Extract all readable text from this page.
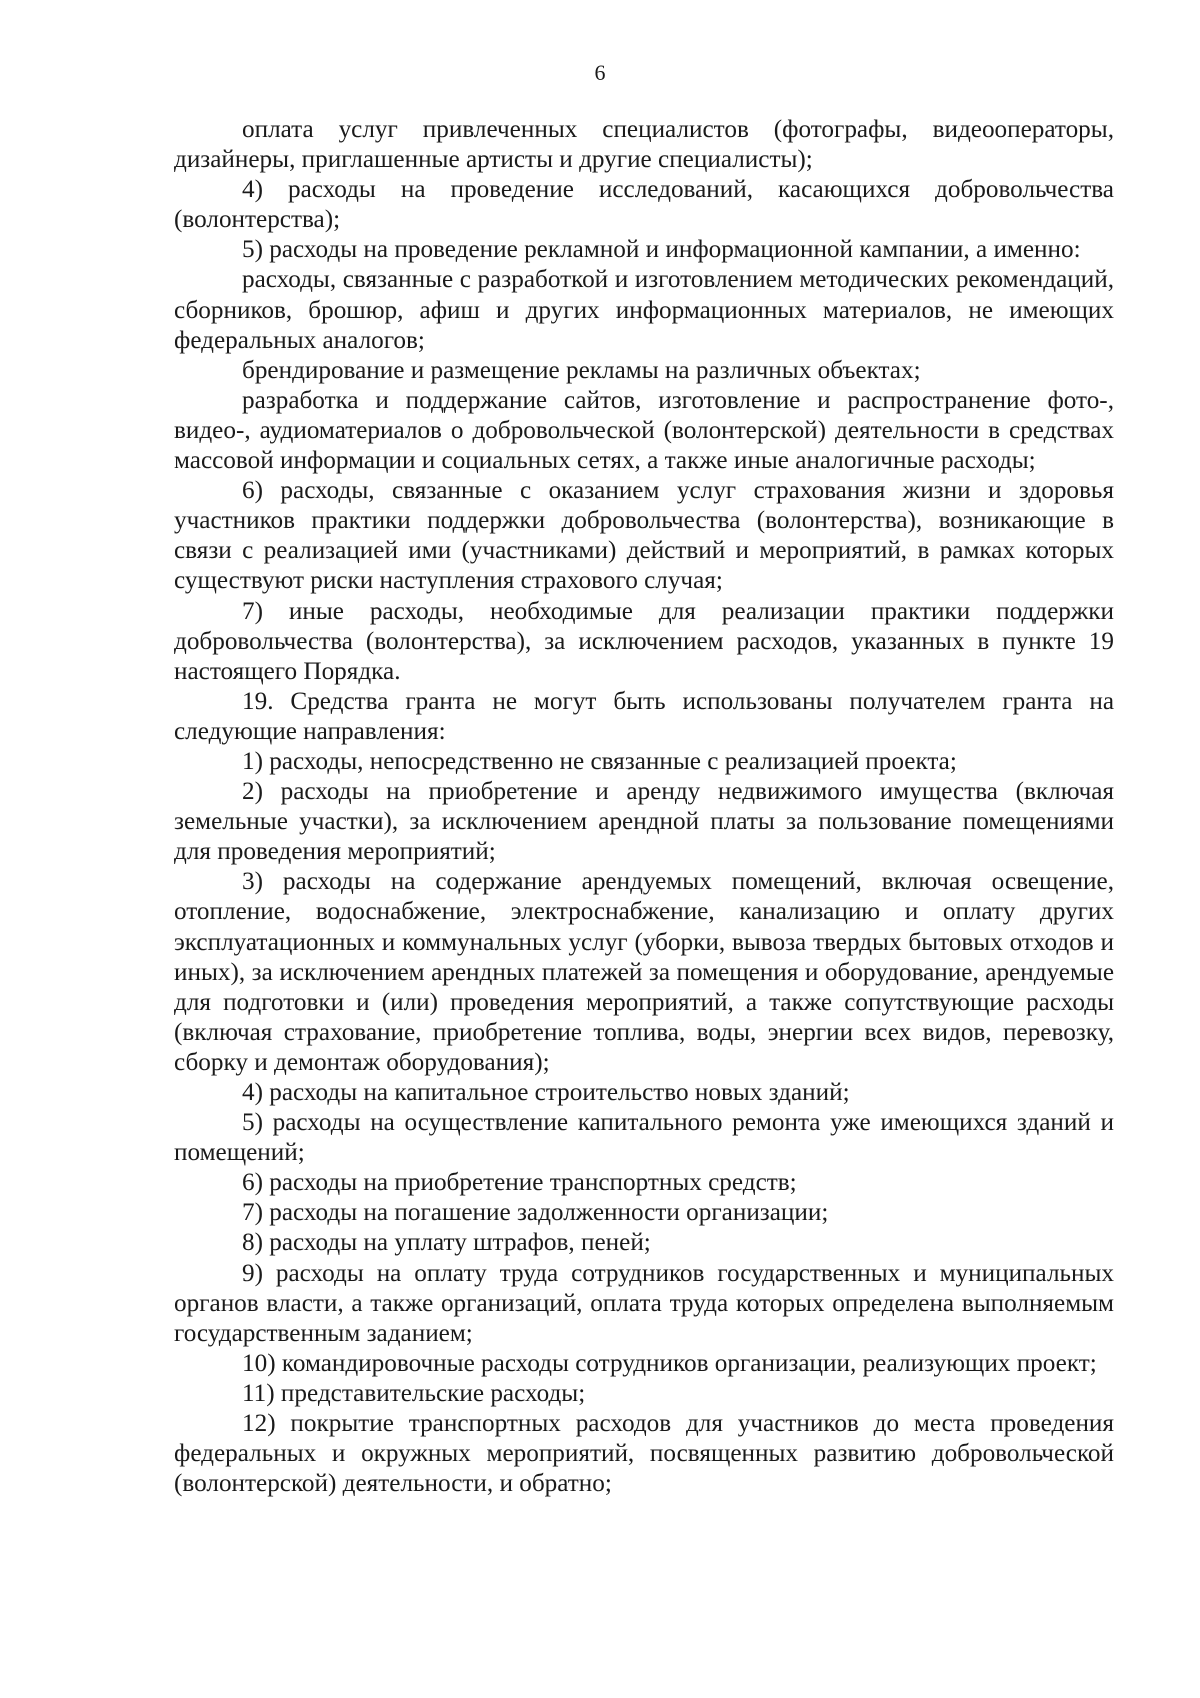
6

оплата услуг привлеченных специалистов (фотографы, видеооператоры, дизайнеры, приглашенные артисты и другие специалисты);

4) расходы на проведение исследований, касающихся добровольчества (волонтерства);

5) расходы на проведение рекламной и информационной кампании, а именно:

расходы, связанные с разработкой и изготовлением методических рекомендаций, сборников, брошюр, афиш и других информационных материалов, не имеющих федеральных аналогов;

брендирование и размещение рекламы на различных объектах;

разработка и поддержание сайтов, изготовление и распространение фото-, видео-, аудиоматериалов о добровольческой (волонтерской) деятельности в средствах массовой информации и социальных сетях, а также иные аналогичные расходы;

6) расходы, связанные с оказанием услуг страхования жизни и здоровья участников практики поддержки добровольчества (волонтерства), возникающие в связи с реализацией ими (участниками) действий и мероприятий, в рамках которых существуют риски наступления страхового случая;

7) иные расходы, необходимые для реализации практики поддержки добровольчества (волонтерства), за исключением расходов, указанных в пункте 19 настоящего Порядка.

19. Средства гранта не могут быть использованы получателем гранта на следующие направления:

1) расходы, непосредственно не связанные с реализацией проекта;

2) расходы на приобретение и аренду недвижимого имущества (включая земельные участки), за исключением арендной платы за пользование помещениями для проведения мероприятий;

3) расходы на содержание арендуемых помещений, включая освещение, отопление, водоснабжение, электроснабжение, канализацию и оплату других эксплуатационных и коммунальных услуг (уборки, вывоза твердых бытовых отходов и иных), за исключением арендных платежей за помещения и оборудование, арендуемые для подготовки и (или) проведения мероприятий, а также сопутствующие расходы (включая страхование, приобретение топлива, воды, энергии всех видов, перевозку, сборку и демонтаж оборудования);

4) расходы на капитальное строительство новых зданий;

5) расходы на осуществление капитального ремонта уже имеющихся зданий и помещений;

6) расходы на приобретение транспортных средств;

7) расходы на погашение задолженности организации;

8) расходы на уплату штрафов, пеней;

9) расходы на оплату труда сотрудников государственных и муниципальных органов власти, а также организаций, оплата труда которых определена выполняемым государственным заданием;

10) командировочные расходы сотрудников организации, реализующих проект;

11) представительские расходы;

12) покрытие транспортных расходов для участников до места проведения федеральных и окружных мероприятий, посвященных развитию добровольческой (волонтерской) деятельности, и обратно;
